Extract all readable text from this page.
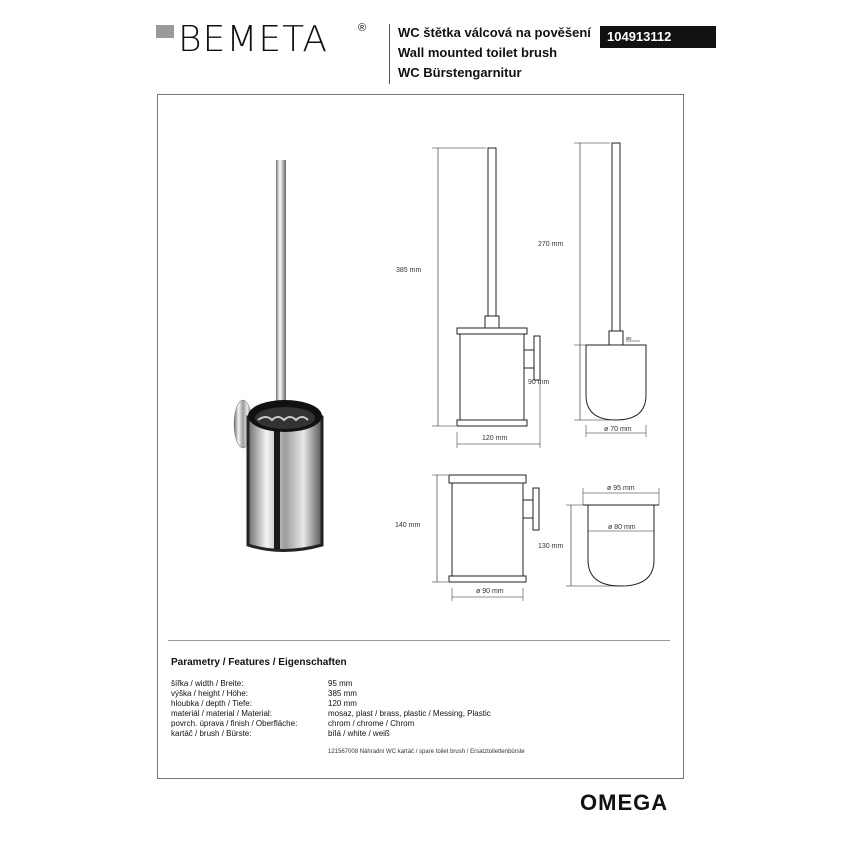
BEMETA	® WC štětka válcová na pověšení
Wall mounted toilet brush
WC Bürstengarnitur
104913112
385 mm
120 mm
270 mm
90 mm
ø 70 mm
øx
140 mm
ø 90 mm
ø 95 mm
ø 80 mm
130 mm
Parametry / Features / Eigenschaften
šířka / width / Breite:	95 mm
výška / height / Höhe:	385 mm
hloubka / depth / Tiefe:	120 mm
materiál / material / Material:	mosaz, plast / brass, plastic / Messing, Plastic
povrch. úprava / finish / Oberfläche:	chrom / chrome / Chrom
kartáč / brush / Bürste:	bílá / white / weiß
121567008 Náhradní WC kartáč / spare toilet brush / Ersatztoilettenbürste
OMEGA
